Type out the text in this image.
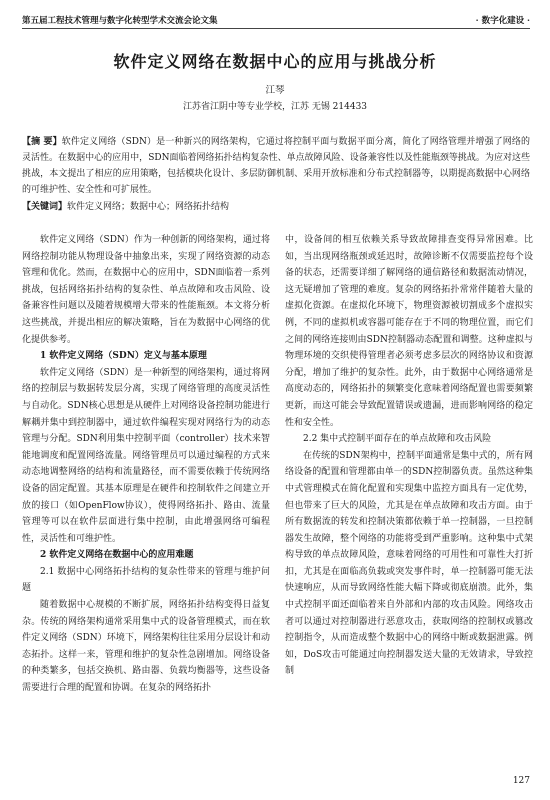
第五届工程技术管理与数字化转型学术交流会论文集	· 数字化建设 ·
软件定义网络在数据中心的应用与挑战分析
江琴
江苏省江阴中等专业学校，江苏 无锡 214433
【摘 要】软件定义网络（SDN）是一种新兴的网络架构，它通过将控制平面与数据平面分离，简化了网络管理并增强了网络的灵活性。在数据中心的应用中，SDN面临着网络拓扑结构复杂性、单点故障风险、设备兼容性以及性能瓶颈等挑战。为应对这些挑战，本文提出了相应的应用策略，包括模块化设计、多层防御机制、采用开放标准和分布式控制器等，以期提高数据中心网络的可维护性、安全性和可扩展性。
【关键词】软件定义网络；数据中心；网络拓扑结构

软件定义网络（SDN）作为一种创新的网络架构，通过将网络控制功能从物理设备中抽象出来，实现了网络资源的动态管理和优化。然而，在数据中心的应用中，SDN面临着一系列挑战，包括网络拓扑结构的复杂性、单点故障和攻击风险、设备兼容性问题以及随着规模增大带来的性能瓶颈。本文将分析这些挑战，并提出相应的解决策略，旨在为数据中心网络的优化提供参考。

1 软件定义网络（SDN）定义与基本原理

软件定义网络（SDN）是一种新型的网络架构，通过将网络的控制层与数据转发层分离，实现了网络管理的高度灵活性与自动化。SDN核心思想是从硬件上对网络设备控制功能进行解耦并集中到控制器中，通过软件编程实现对网络行为的动态管理与分配。SDN利用集中控制平面（controller）技术来智能地调度和配置网络流量。网络管理员可以通过编程的方式来动态地调整网络的结构和流量路径，而不需要依赖于传统网络设备的固定配置。其基本原理是在硬件和控制软件之间建立开放的接口（如OpenFlow协议），使得网络拓扑、路由、流量管理等可以在软件层面进行集中控制，由此增强网络可编程性，灵活性和可维护性。

2 软件定义网络在数据中心的应用难题
2.1 数据中心网络拓扑结构的复杂性带来的管理与维护问题

随着数据中心规模的不断扩展，网络拓扑结构变得日益复杂。传统的网络架构通常采用集中式的设备管理模式，而在软件定义网络（SDN）环境下，网络架构往往采用分层设计和动态拓扑。这样一来，管理和维护的复杂性急剧增加。网络设备的种类繁多，包括交换机、路由器、负载均衡器等，这些设备需要进行合理的配置和协调。在复杂的网络拓扑

中，设备间的相互依赖关系导致故障排查变得异常困难。比如，当出现网络瓶颈或延迟时，故障诊断不仅需要监控每个设备的状态，还需要详细了解网络的通信路径和数据流动情况，这无疑增加了管理的难度。复杂的网络拓扑常常伴随着大量的虚拟化资源。在虚拟化环境下，物理资源被切割成多个虚拟实例，不同的虚拟机或容器可能存在于不同的物理位置，而它们之间的网络连接则由SDN控制器动态配置和调整。这种虚拟与物理环境的交织使得管理者必须考虑多层次的网络协议和资源分配，增加了维护的复杂性。此外，由于数据中心网络通常是高度动态的，网络拓扑的频繁变化意味着网络配置也需要频繁更新，而这可能会导致配置错误或遗漏，进而影响网络的稳定性和安全性。

2.2 集中式控制平面存在的单点故障和攻击风险

在传统的SDN架构中，控制平面通常是集中式的，所有网络设备的配置和管理都由单一的SDN控制器负责。虽然这种集中式管理模式在简化配置和实现集中监控方面具有一定优势，但也带来了巨大的风险，尤其是在单点故障和攻击方面。由于所有数据流的转发和控制决策都依赖于单一控制器，一旦控制器发生故障，整个网络的功能将受到严重影响。这种集中式架构导致的单点故障风险，意味着网络的可用性和可靠性大打折扣，尤其是在面临高负载或突发事件时，单一控制器可能无法快速响应，从而导致网络性能大幅下降或彻底崩溃。此外，集中式控制平面还面临着来自外部和内部的攻击风险。网络攻击者可以通过对控制器进行恶意攻击，获取网络的控制权或篡改控制指令，从而造成整个数据中心的网络中断或数据泄露。例如，DoS攻击可能通过向控制器发送大量的无效请求，导致控制

127
